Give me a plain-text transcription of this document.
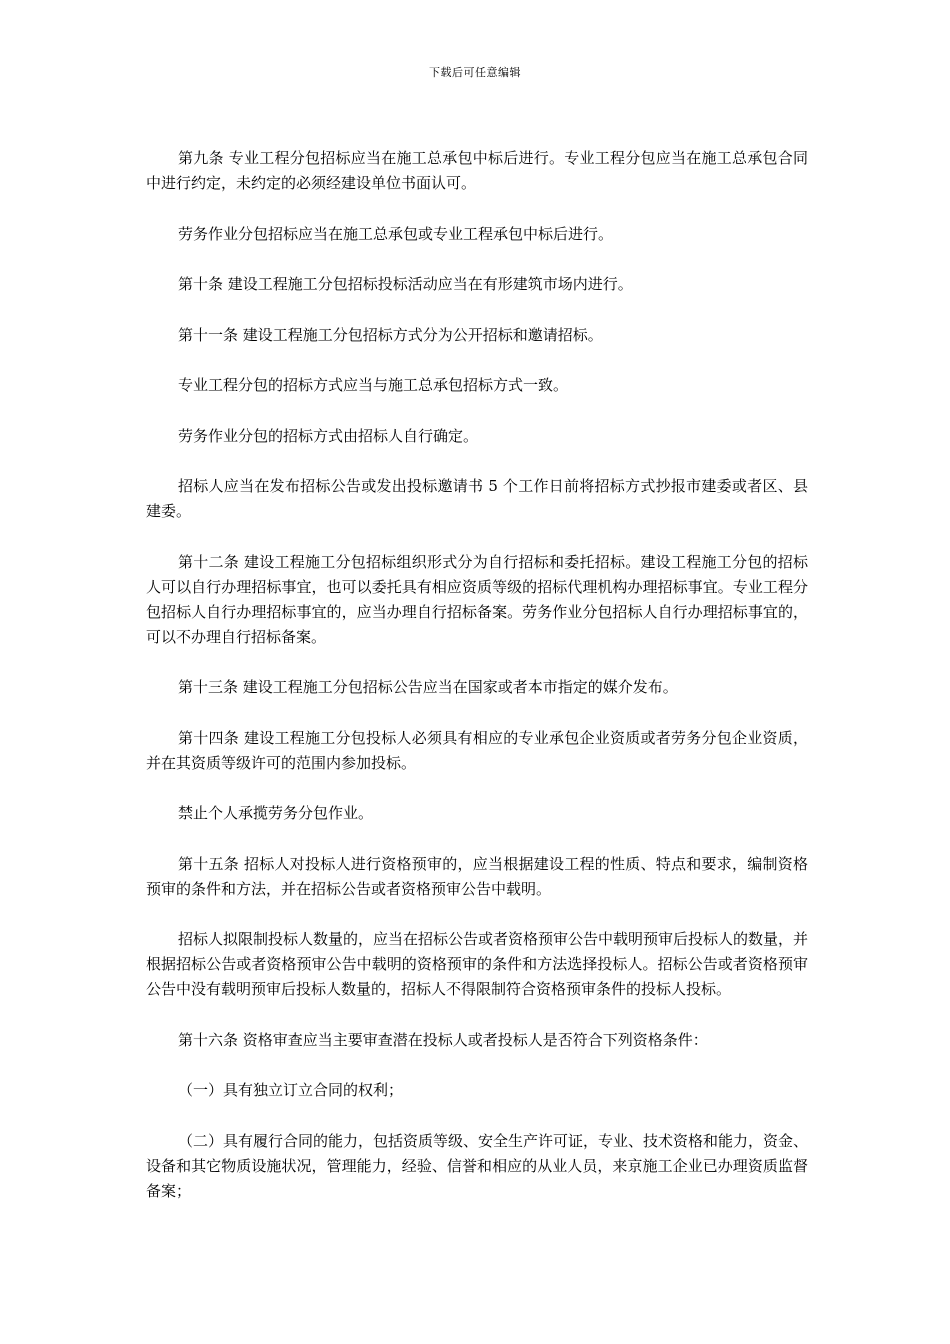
下载后可任意编辑

第九条 专业工程分包招标应当在施工总承包中标后进行。专业工程分包应当在施工总承包合同中进行约定，未约定的必须经建设单位书面认可。

劳务作业分包招标应当在施工总承包或专业工程承包中标后进行。

第十条 建设工程施工分包招标投标活动应当在有形建筑市场内进行。

第十一条 建设工程施工分包招标方式分为公开招标和邀请招标。

专业工程分包的招标方式应当与施工总承包招标方式一致。

劳务作业分包的招标方式由招标人自行确定。

招标人应当在发布招标公告或发出投标邀请书 5 个工作日前将招标方式抄报市建委或者区、县建委。

第十二条 建设工程施工分包招标组织形式分为自行招标和委托招标。建设工程施工分包的招标人可以自行办理招标事宜，也可以委托具有相应资质等级的招标代理机构办理招标事宜。专业工程分包招标人自行办理招标事宜的，应当办理自行招标备案。劳务作业分包招标人自行办理招标事宜的，可以不办理自行招标备案。

第十三条 建设工程施工分包招标公告应当在国家或者本市指定的媒介发布。

第十四条 建设工程施工分包投标人必须具有相应的专业承包企业资质或者劳务分包企业资质，并在其资质等级许可的范围内参加投标。

禁止个人承揽劳务分包作业。

第十五条 招标人对投标人进行资格预审的，应当根据建设工程的性质、特点和要求，编制资格预审的条件和方法，并在招标公告或者资格预审公告中载明。

招标人拟限制投标人数量的，应当在招标公告或者资格预审公告中载明预审后投标人的数量，并根据招标公告或者资格预审公告中载明的资格预审的条件和方法选择投标人。招标公告或者资格预审公告中没有载明预审后投标人数量的，招标人不得限制符合资格预审条件的投标人投标。

第十六条 资格审查应当主要审查潜在投标人或者投标人是否符合下列资格条件：

（一）具有独立订立合同的权利；

（二）具有履行合同的能力，包括资质等级、安全生产许可证，专业、技术资格和能力，资金、设备和其它物质设施状况，管理能力，经验、信誉和相应的从业人员，来京施工企业已办理资质监督备案；
